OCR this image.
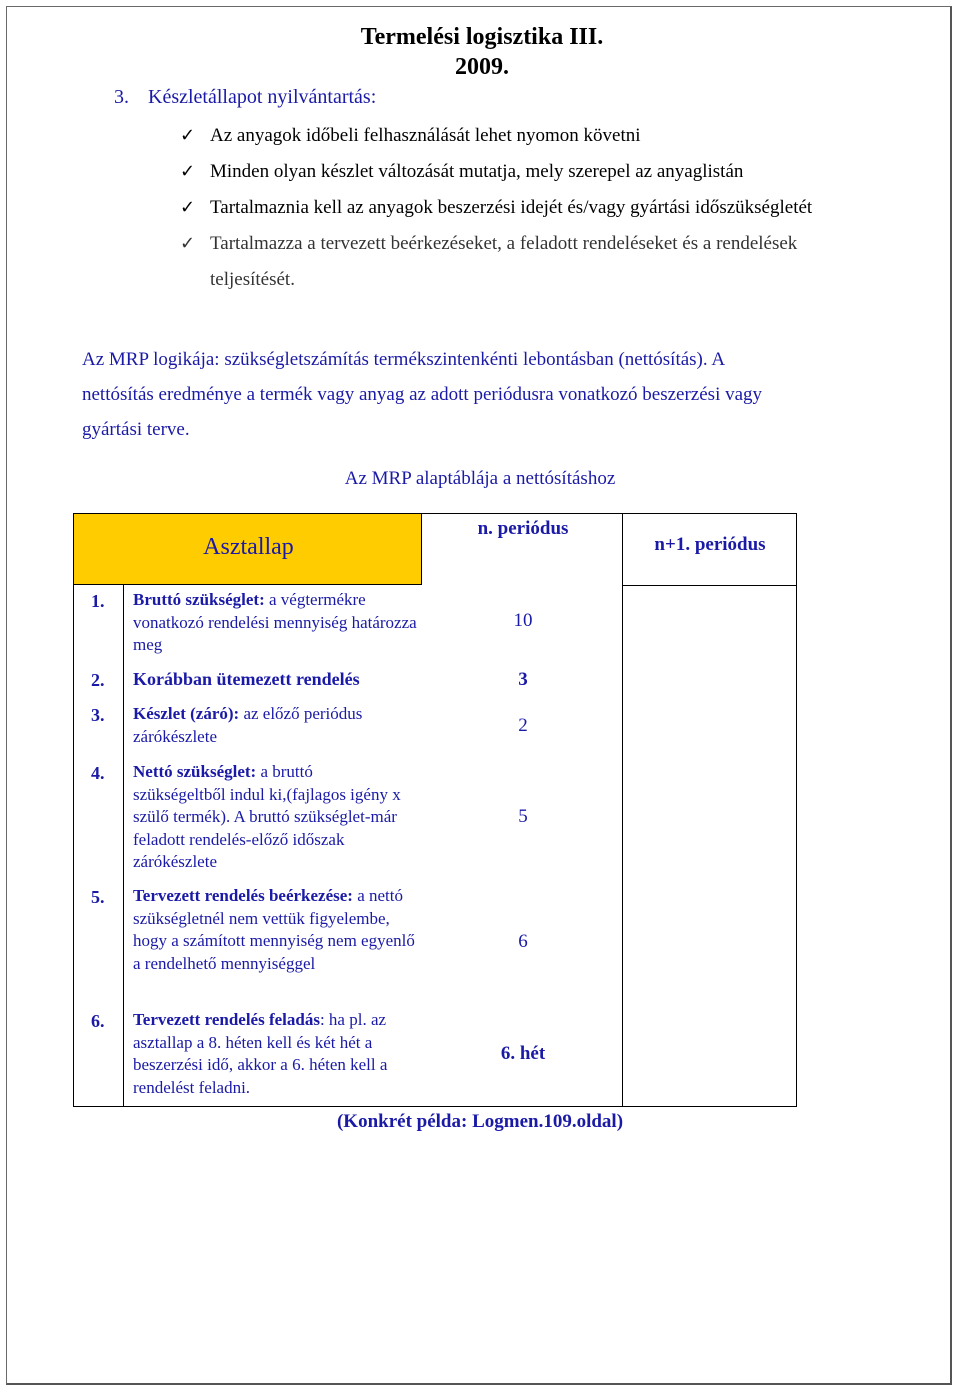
Termelési logisztika III.
2009.
3. Készletállapot nyilvántartás:
✓ Az anyagok időbeli felhasználását lehet nyomon követni
✓ Minden olyan készlet változását mutatja, mely szerepel az anyaglistán
✓ Tartalmaznia kell az anyagok beszerzési idejét és/vagy gyártási időszükségletét
✓ Tartalmazza a tervezett beérkezéseket, a feladott rendeléseket és a rendelések
teljesítését.
Az MRP logikája: szükségletszámítás termékszintenkénti lebontásban (nettósítás). A
nettósítás eredménye a termék vagy anyag az adott periódusra vonatkozó beszerzési vagy
gyártási terve.
Az MRP alaptáblája a nettósításhoz
Asztallap
n. periódus
n+1. periódus
1. Bruttó szükséglet: a végtermékre vonatkozó rendelési mennyiség határozza meg
10
2. Korábban ütemezett rendelés	3
3. Készlet (záró): az előző periódus zárókészlete	2
4. Nettó szükséglet: a bruttó szükségeltből indul ki,(fajlagos igény x szülő termék). A bruttó szükséglet-már feladott rendelés-előző időszak zárókészlete
5
5. Tervezett rendelés beérkezése: a nettó szükségletnél nem vettük figyelembe, hogy a számított mennyiség nem egyenlő a rendelhető mennyiséggel
6
6. Tervezett rendelés feladás: ha pl. az asztallap a 8. héten kell és két hét a beszerzési idő, akkor a 6. héten kell a rendelést feladni.
6. hét
(Konkrét példa: Logmen.109.oldal)
